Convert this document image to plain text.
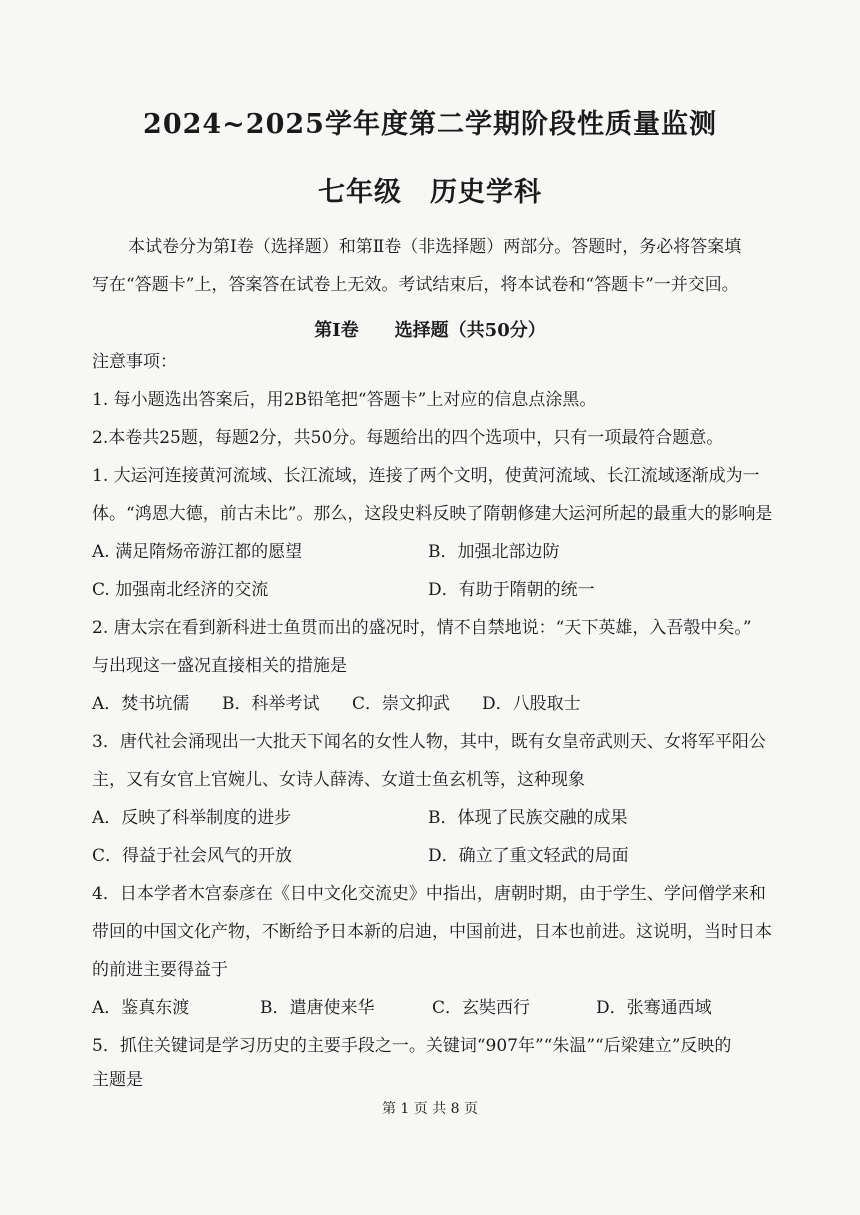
2024~2025学年度第二学期阶段性质量监测
七年级　历史学科
本试卷分为第Ⅰ卷（选择题）和第Ⅱ卷（非选择题）两部分。答题时，务必将答案填
写在“答题卡”上，答案答在试卷上无效。考试结束后，将本试卷和“答题卡”一并交回。
第Ⅰ卷　　选择题（共50分）
注意事项：
1. 每小题选出答案后，用2B铅笔把“答题卡”上对应的信息点涂黑。
2.本卷共25题，每题2分，共50分。每题给出的四个选项中，只有一项最符合题意。
1. 大运河连接黄河流域、长江流域，连接了两个文明，使黄河流域、长江流域逐渐成为一
体。“鸿恩大德，前古未比”。那么，这段史料反映了隋朝修建大运河所起的最重大的影响是
A. 满足隋炀帝游江都的愿望	B．加强北部边防
C. 加强南北经济的交流	D．有助于隋朝的统一
2. 唐太宗在看到新科进士鱼贯而出的盛况时，情不自禁地说：“天下英雄，入吾彀中矣。”
与出现这一盛况直接相关的措施是
A．焚书坑儒 B．科举考试 C．崇文抑武 D．八股取士
3．唐代社会涌现出一大批天下闻名的女性人物，其中，既有女皇帝武则天、女将军平阳公
主，又有女官上官婉儿、女诗人薛涛、女道士鱼玄机等，这种现象
A．反映了科举制度的进步	B．体现了民族交融的成果
C．得益于社会风气的开放	D．确立了重文轻武的局面
4．日本学者木宫泰彦在《日中文化交流史》中指出，唐朝时期，由于学生、学问僧学来和
带回的中国文化产物，不断给予日本新的启迪，中国前进，日本也前进。这说明，当时日本
的前进主要得益于
A．鉴真东渡	B．遣唐使来华	C．玄奘西行	D．张骞通西域
5．抓住关键词是学习历史的主要手段之一。关键词“907年”“朱温”“后梁建立”反映的
主题是
第 1 页 共 8 页
